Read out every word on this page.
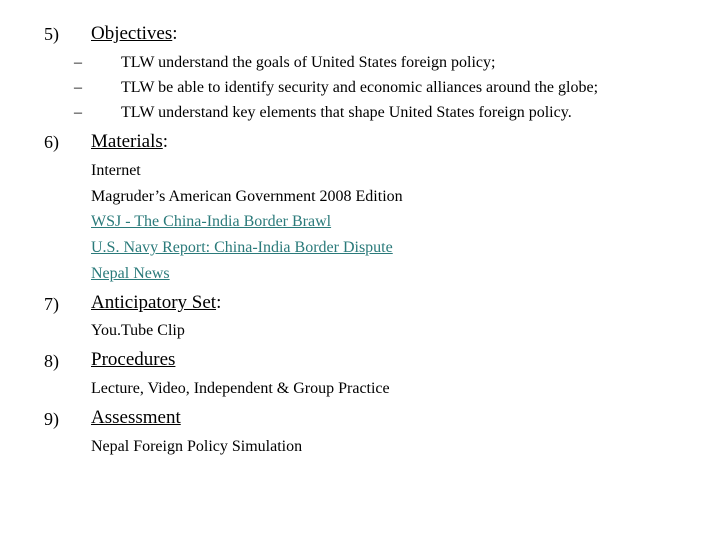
5) Objectives:
– TLW understand the goals of United States foreign policy;
– TLW be able to identify security and economic alliances around the globe;
– TLW understand key elements that shape United States foreign policy.
6) Materials:
Internet
Magruder’s American Government 2008 Edition
WSJ - The China-India Border Brawl
U.S. Navy Report: China-India Border Dispute
Nepal News
7) Anticipatory Set:
You.Tube Clip
8) Procedures
Lecture, Video, Independent & Group Practice
9) Assessment
Nepal Foreign Policy Simulation
